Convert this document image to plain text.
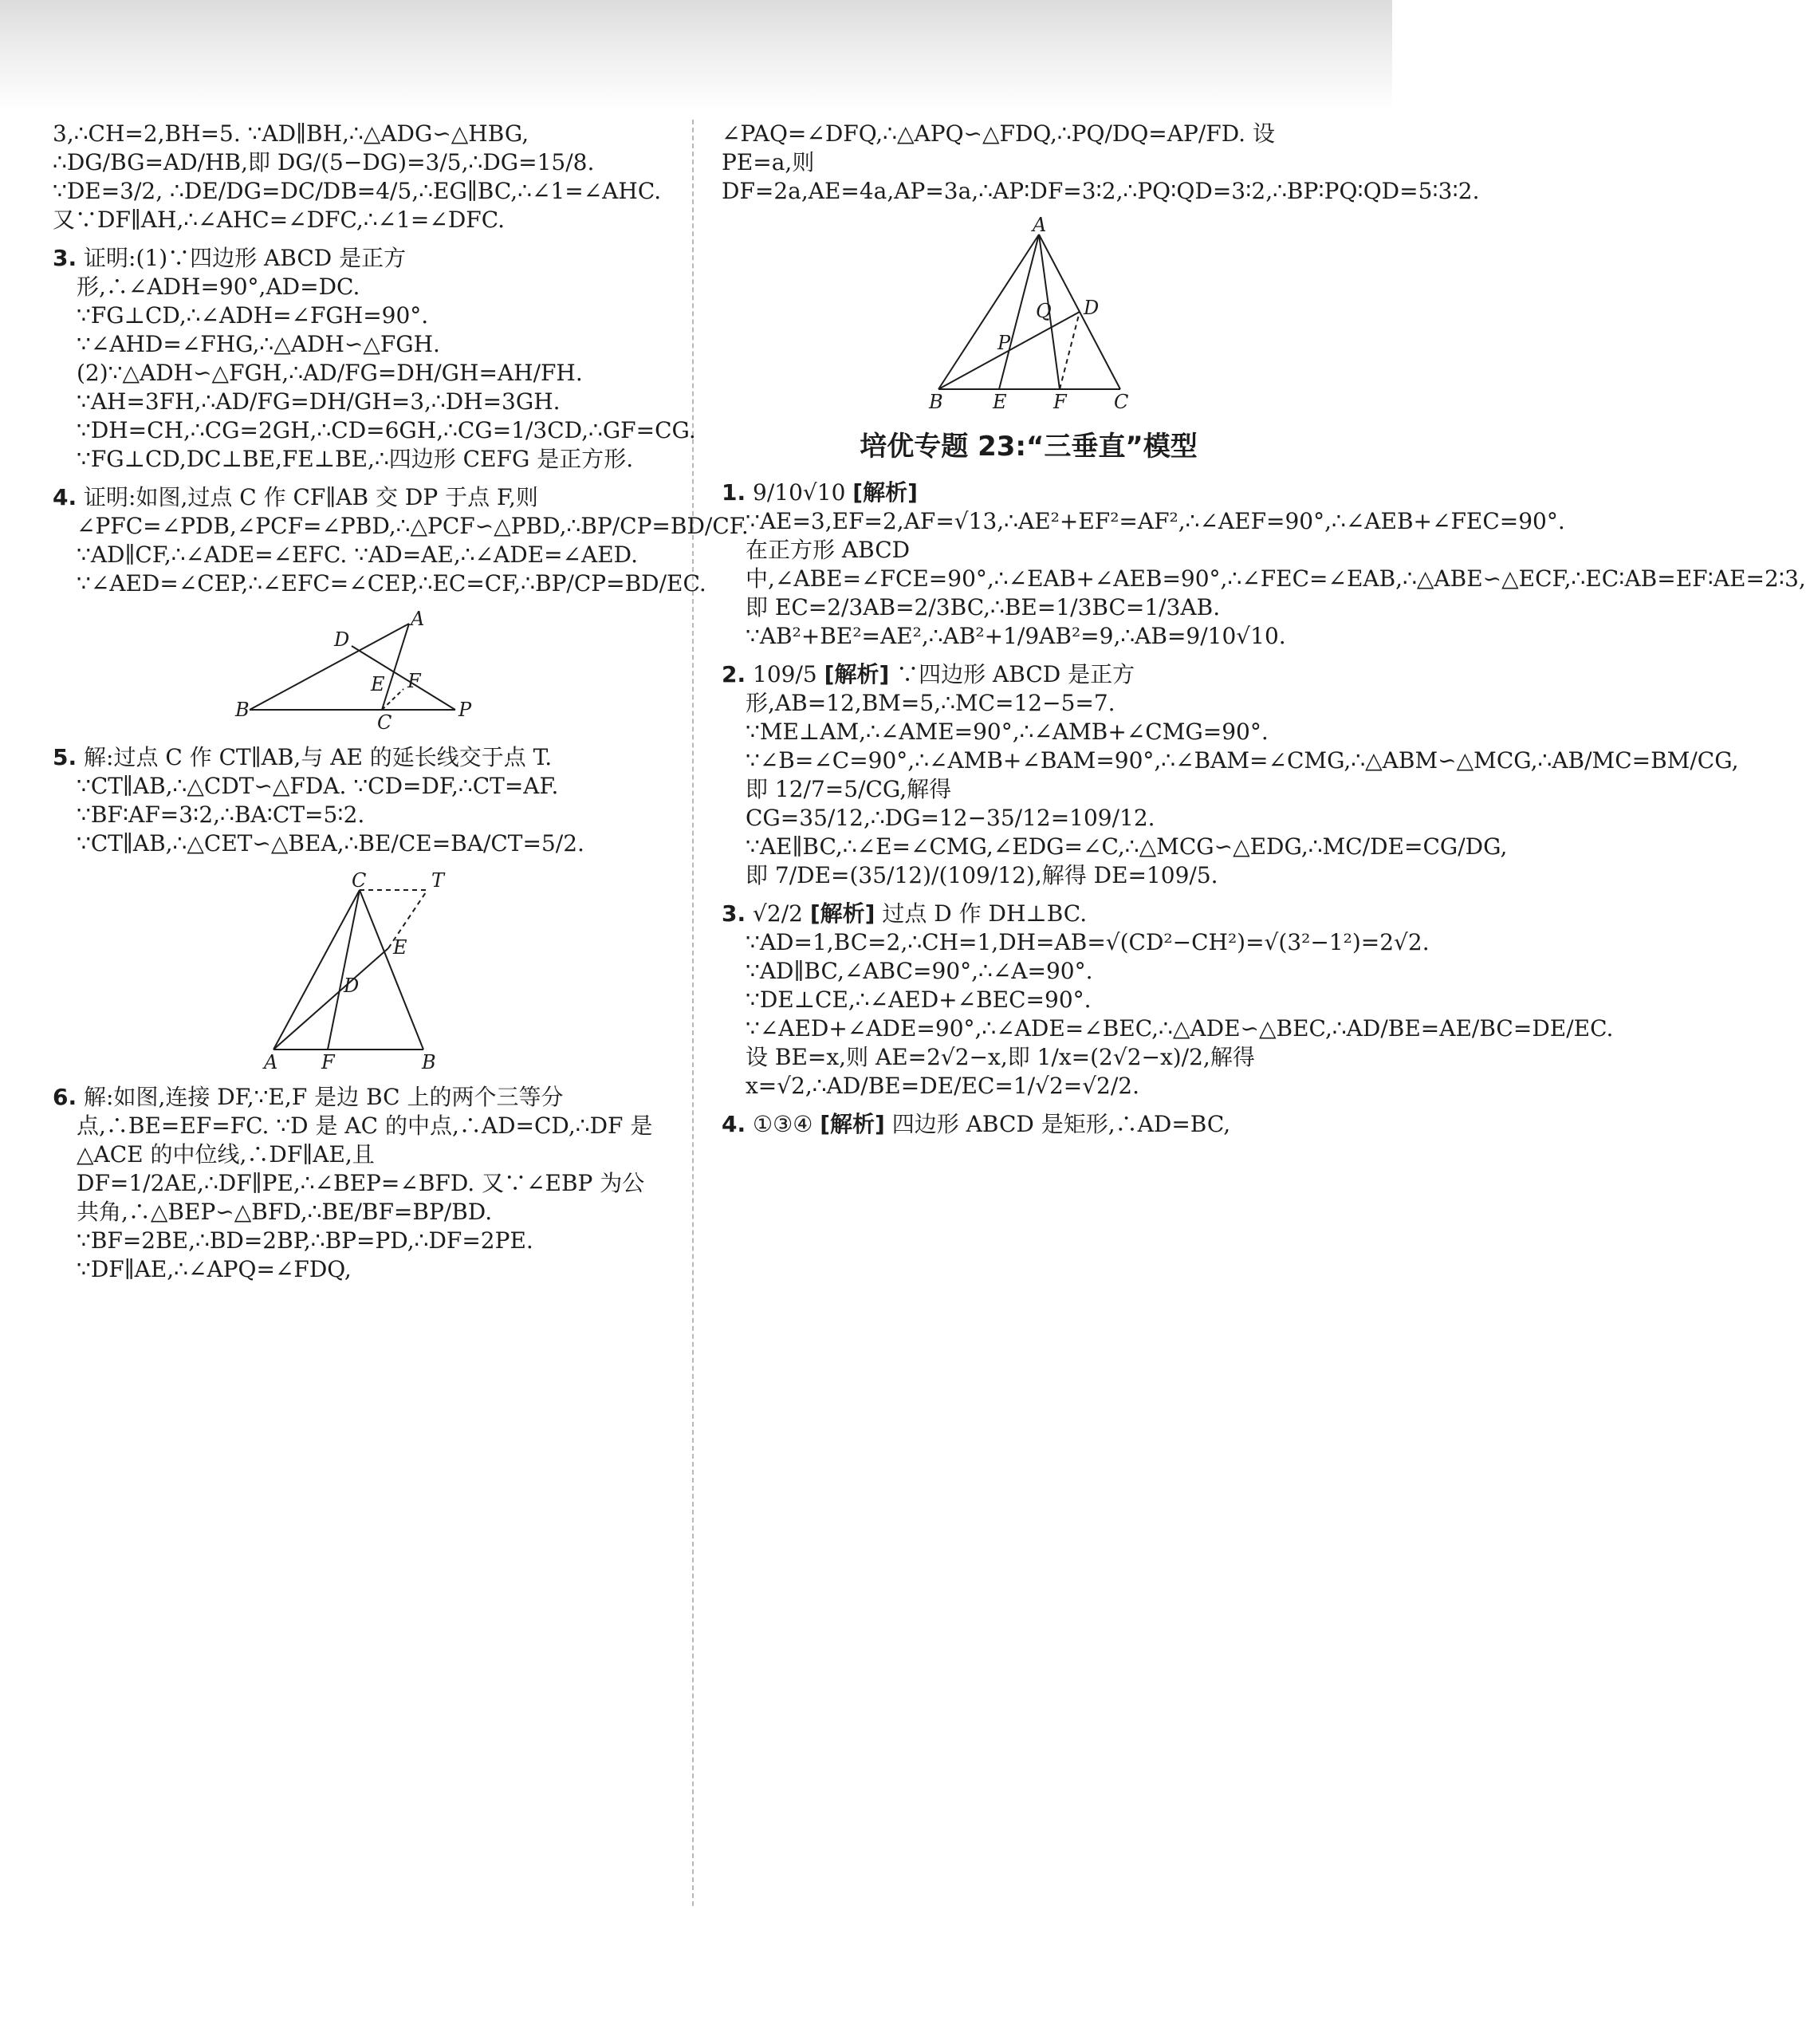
3,∴CH=2,BH=5. ∵AD∥BH,∴△ADG∽△HBG, ∴DG/BG=AD/HB,即 DG/(5−DG)=3/5,∴DG=15/8. ∵DE=3/2, ∴DE/DG=DC/DB=4/5,∴EG∥BC,∴∠1=∠AHC. 又∵DF∥AH,∴∠AHC=∠DFC,∴∠1=∠DFC.

3. 证明:(1)∵四边形 ABCD 是正方形,∴∠ADH=90°,AD=DC. ∵FG⊥CD,∴∠ADH=∠FGH=90°. ∵∠AHD=∠FHG,∴△ADH∽△FGH. (2)∵△ADH∽△FGH,∴AD/FG=DH/GH=AH/FH. ∵AH=3FH,∴AD/FG=DH/GH=3,∴DH=3GH. ∵DH=CH,∴CG=2GH,∴CD=6GH,∴CG=1/3CD,∴GF=CG. ∵FG⊥CD,DC⊥BE,FE⊥BE,∴四边形 CEFG 是正方形.

4. 证明:如图,过点 C 作 CF∥AB 交 DP 于点 F,则∠PFC=∠PDB,∠PCF=∠PBD,∴△PCF∽△PBD,∴BP/CP=BD/CF. ∵AD∥CF,∴∠ADE=∠EFC. ∵AD=AE,∴∠ADE=∠AED. ∵∠AED=∠CEP,∴∠EFC=∠CEP,∴EC=CF,∴BP/CP=BD/EC.

A
D
E F
B
C
P

5. 解:过点 C 作 CT∥AB,与 AE 的延长线交于点 T. ∵CT∥AB,∴△CDT∽△FDA. ∵CD=DF,∴CT=AF. ∵BF∶AF=3∶2,∴BA∶CT=5∶2. ∵CT∥AB,∴△CET∽△BEA,∴BE/CE=BA/CT=5/2.

C	T
E
D
A F	B

6. 解:如图,连接 DF,∵E,F 是边 BC 上的两个三等分点,∴BE=EF=FC. ∵D 是 AC 的中点,∴AD=CD,∴DF 是△ACE 的中位线,∴DF∥AE,且 DF=1/2AE,∴DF∥PE,∴∠BEP=∠BFD. 又∵∠EBP 为公共角,∴△BEP∽△BFD,∴BE/BF=BP/BD. ∵BF=2BE,∴BD=2BP,∴BP=PD,∴DF=2PE. ∵DF∥AE,∴∠APQ=∠FDQ,

∠PAQ=∠DFQ,∴△APQ∽△FDQ,∴PQ/DQ=AP/FD. 设 PE=a,则 DF=2a,AE=4a,AP=3a,∴AP∶DF=3∶2,∴PQ∶QD=3∶2,∴BP∶PQ∶QD=5∶3∶2.

A
Q D
P
B	E F C
培优专题 23:“三垂直”模型

1. 9/10√10 [解析] ∵AE=3,EF=2,AF=√13,∴AE²+EF²=AF²,∴∠AEF=90°,∴∠AEB+∠FEC=90°. 在正方形 ABCD 中,∠ABE=∠FCE=90°,∴∠EAB+∠AEB=90°,∴∠FEC=∠EAB,∴△ABE∽△ECF,∴EC∶AB=EF∶AE=2∶3,即 EC=2/3AB=2/3BC,∴BE=1/3BC=1/3AB. ∵AB²+BE²=AE²,∴AB²+1/9AB²=9,∴AB=9/10√10.

2. 109/5 [解析] ∵四边形 ABCD 是正方形,AB=12,BM=5,∴MC=12−5=7. ∵ME⊥AM,∴∠AME=90°,∴∠AMB+∠CMG=90°. ∵∠B=∠C=90°,∴∠AMB+∠BAM=90°,∴∠BAM=∠CMG,∴△ABM∽△MCG,∴AB/MC=BM/CG,即 12/7=5/CG,解得 CG=35/12,∴DG=12−35/12=109/12. ∵AE∥BC,∴∠E=∠CMG,∠EDG=∠C,∴△MCG∽△EDG,∴MC/DE=CG/DG,即 7/DE=(35/12)/(109/12),解得 DE=109/5.

3. √2/2 [解析] 过点 D 作 DH⊥BC. ∵AD=1,BC=2,∴CH=1,DH=AB=√(CD²−CH²)=√(3²−1²)=2√2. ∵AD∥BC,∠ABC=90°,∴∠A=90°. ∵DE⊥CE,∴∠AED+∠BEC=90°. ∵∠AED+∠ADE=90°,∴∠ADE=∠BEC,∴△ADE∽△BEC,∴AD/BE=AE/BC=DE/EC. 设 BE=x,则 AE=2√2−x,即 1/x=(2√2−x)/2,解得 x=√2,∴AD/BE=DE/EC=1/√2=√2/2.

4. ①③④ [解析] 四边形 ABCD 是矩形,∴AD=BC,
